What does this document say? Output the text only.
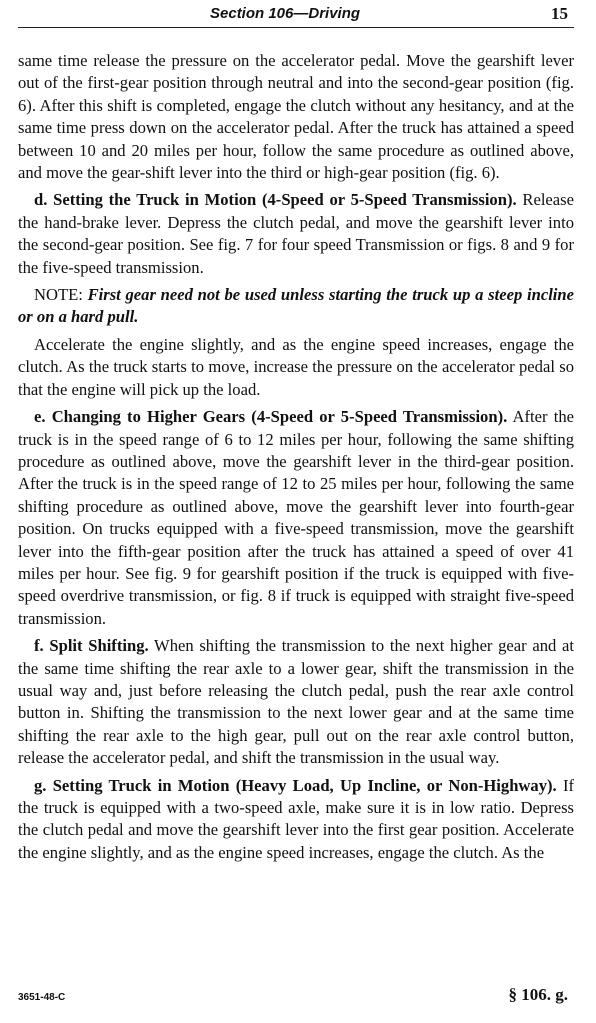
Section 106—Driving	15

same time release the pressure on the accelerator pedal. Move the gearshift lever out of the first-gear position through neutral and into the second-gear position (fig. 6). After this shift is completed, engage the clutch without any hesitancy, and at the same time press down on the accelerator pedal. After the truck has attained a speed between 10 and 20 miles per hour, follow the same procedure as outlined above, and move the gear-shift lever into the third or high-gear position (fig. 6).

d. Setting the Truck in Motion (4-Speed or 5-Speed Transmission). Release the hand-brake lever. Depress the clutch pedal, and move the gearshift lever into the second-gear position. See fig. 7 for four speed Transmission or figs. 8 and 9 for the five-speed transmission.

NOTE: First gear need not be used unless starting the truck up a steep incline or on a hard pull.

Accelerate the engine slightly, and as the engine speed increases, engage the clutch. As the truck starts to move, increase the pressure on the accelerator pedal so that the engine will pick up the load.

e. Changing to Higher Gears (4-Speed or 5-Speed Transmission). After the truck is in the speed range of 6 to 12 miles per hour, following the same shifting procedure as outlined above, move the gearshift lever in the third-gear position. After the truck is in the speed range of 12 to 25 miles per hour, following the same shifting procedure as outlined above, move the gearshift lever into fourth-gear position. On trucks equipped with a five-speed transmission, move the gearshift lever into the fifth-gear position after the truck has attained a speed of over 41 miles per hour. See fig. 9 for gearshift position if the truck is equipped with five-speed overdrive transmission, or fig. 8 if truck is equipped with straight five-speed transmission.

f. Split Shifting. When shifting the transmission to the next higher gear and at the same time shifting the rear axle to a lower gear, shift the transmission in the usual way and, just before releasing the clutch pedal, push the rear axle control button in. Shifting the transmission to the next lower gear and at the same time shifting the rear axle to the high gear, pull out on the rear axle control button, release the accelerator pedal, and shift the transmission in the usual way.

g. Setting Truck in Motion (Heavy Load, Up Incline, or Non-Highway). If the truck is equipped with a two-speed axle, make sure it is in low ratio. Depress the clutch pedal and move the gearshift lever into the first gear position. Accelerate the engine slightly, and as the engine speed increases, engage the clutch. As the

3651-48-C	§ 106. g.
